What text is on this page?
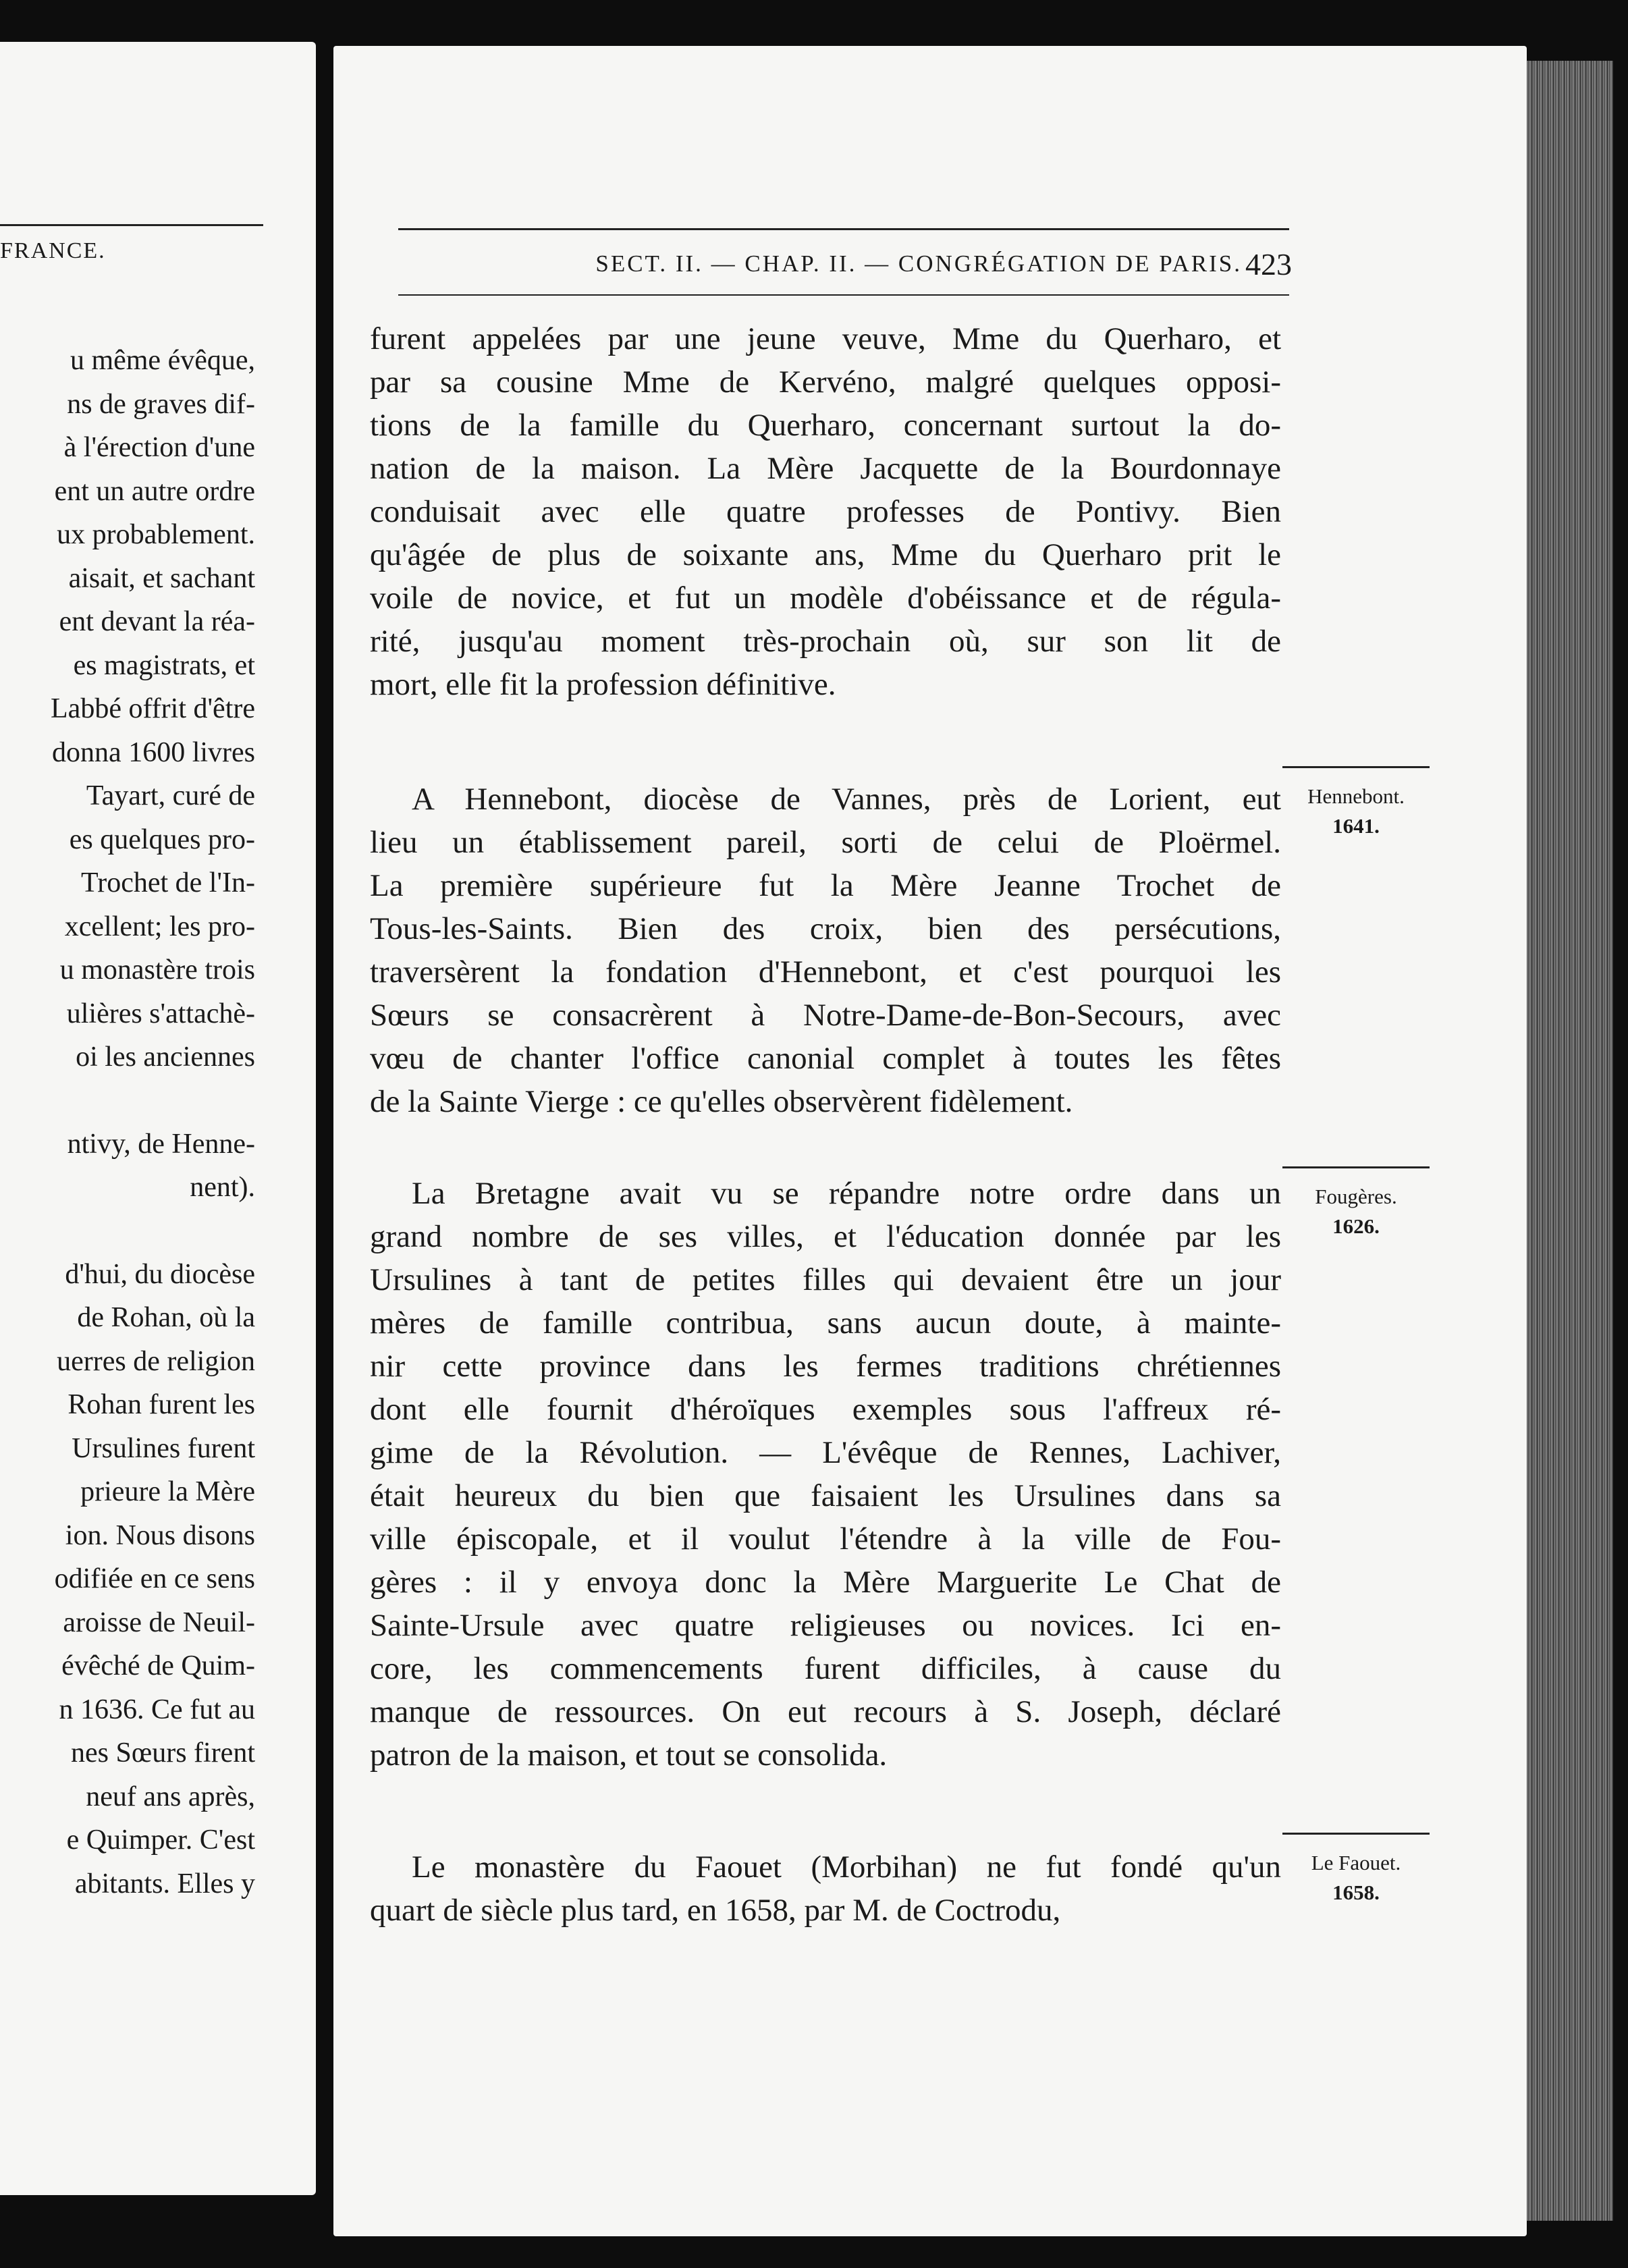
FRANCE.
u même évêque,
ns de graves dif-
à l'érection d'une
ent un autre ordre
ux probablement.
aisait, et sachant
ent devant la réa-
es magistrats, et
Labbé offrit d'être
donna 1600 livres
Tayart, curé de
es quelques pro-
Trochet de l'In-
xcellent; les pro-
u monastère trois
ulières s'attachè-
oi les anciennes
ntivy, de Henne-
nent).
d'hui, du diocèse
de Rohan, où la
uerres de religion
Rohan furent les
Ursulines furent
prieure la Mère
ion. Nous disons
odifiée en ce sens
aroisse de Neuil-
évêché de Quim-
n 1636. Ce fut au
nes Sœurs firent
neuf ans après,
e Quimper. C'est
abitants. Elles y
SECT. II. — CHAP. II. — CONGRÉGATION DE PARIS. 423
furent appelées par une jeune veuve, Mme du Querharo, et
par sa cousine Mme de Kervéno, malgré quelques opposi-
tions de la famille du Querharo, concernant surtout la do-
nation de la maison. La Mère Jacquette de la Bourdonnaye
conduisait avec elle quatre professes de Pontivy. Bien
qu'âgée de plus de soixante ans, Mme du Querharo prit le
voile de novice, et fut un modèle d'obéissance et de régula-
rité, jusqu'au moment très-prochain où, sur son lit de
mort, elle fit la profession définitive.
A Hennebont, diocèse de Vannes, près de Lorient, eut
lieu un établissement pareil, sorti de celui de Ploërmel.
La première supérieure fut la Mère Jeanne Trochet de
Tous-les-Saints. Bien des croix, bien des persécutions,
traversèrent la fondation d'Hennebont, et c'est pourquoi les
Sœurs se consacrèrent à Notre-Dame-de-Bon-Secours, avec
vœu de chanter l'office canonial complet à toutes les fêtes
de la Sainte Vierge : ce qu'elles observèrent fidèlement.
La Bretagne avait vu se répandre notre ordre dans un
grand nombre de ses villes, et l'éducation donnée par les
Ursulines à tant de petites filles qui devaient être un jour
mères de famille contribua, sans aucun doute, à mainte-
nir cette province dans les fermes traditions chrétiennes
dont elle fournit d'héroïques exemples sous l'affreux ré-
gime de la Révolution. — L'évêque de Rennes, Lachiver,
était heureux du bien que faisaient les Ursulines dans sa
ville épiscopale, et il voulut l'étendre à la ville de Fou-
gères : il y envoya donc la Mère Marguerite Le Chat de
Sainte-Ursule avec quatre religieuses ou novices. Ici en-
core, les commencements furent difficiles, à cause du
manque de ressources. On eut recours à S. Joseph, déclaré
patron de la maison, et tout se consolida.
Le monastère du Faouet (Morbihan) ne fut fondé qu'un
quart de siècle plus tard, en 1658, par M. de Coctrodu,
Hennebont.
1641.
Fougères.
1626.
Le Faouet.
1658.
